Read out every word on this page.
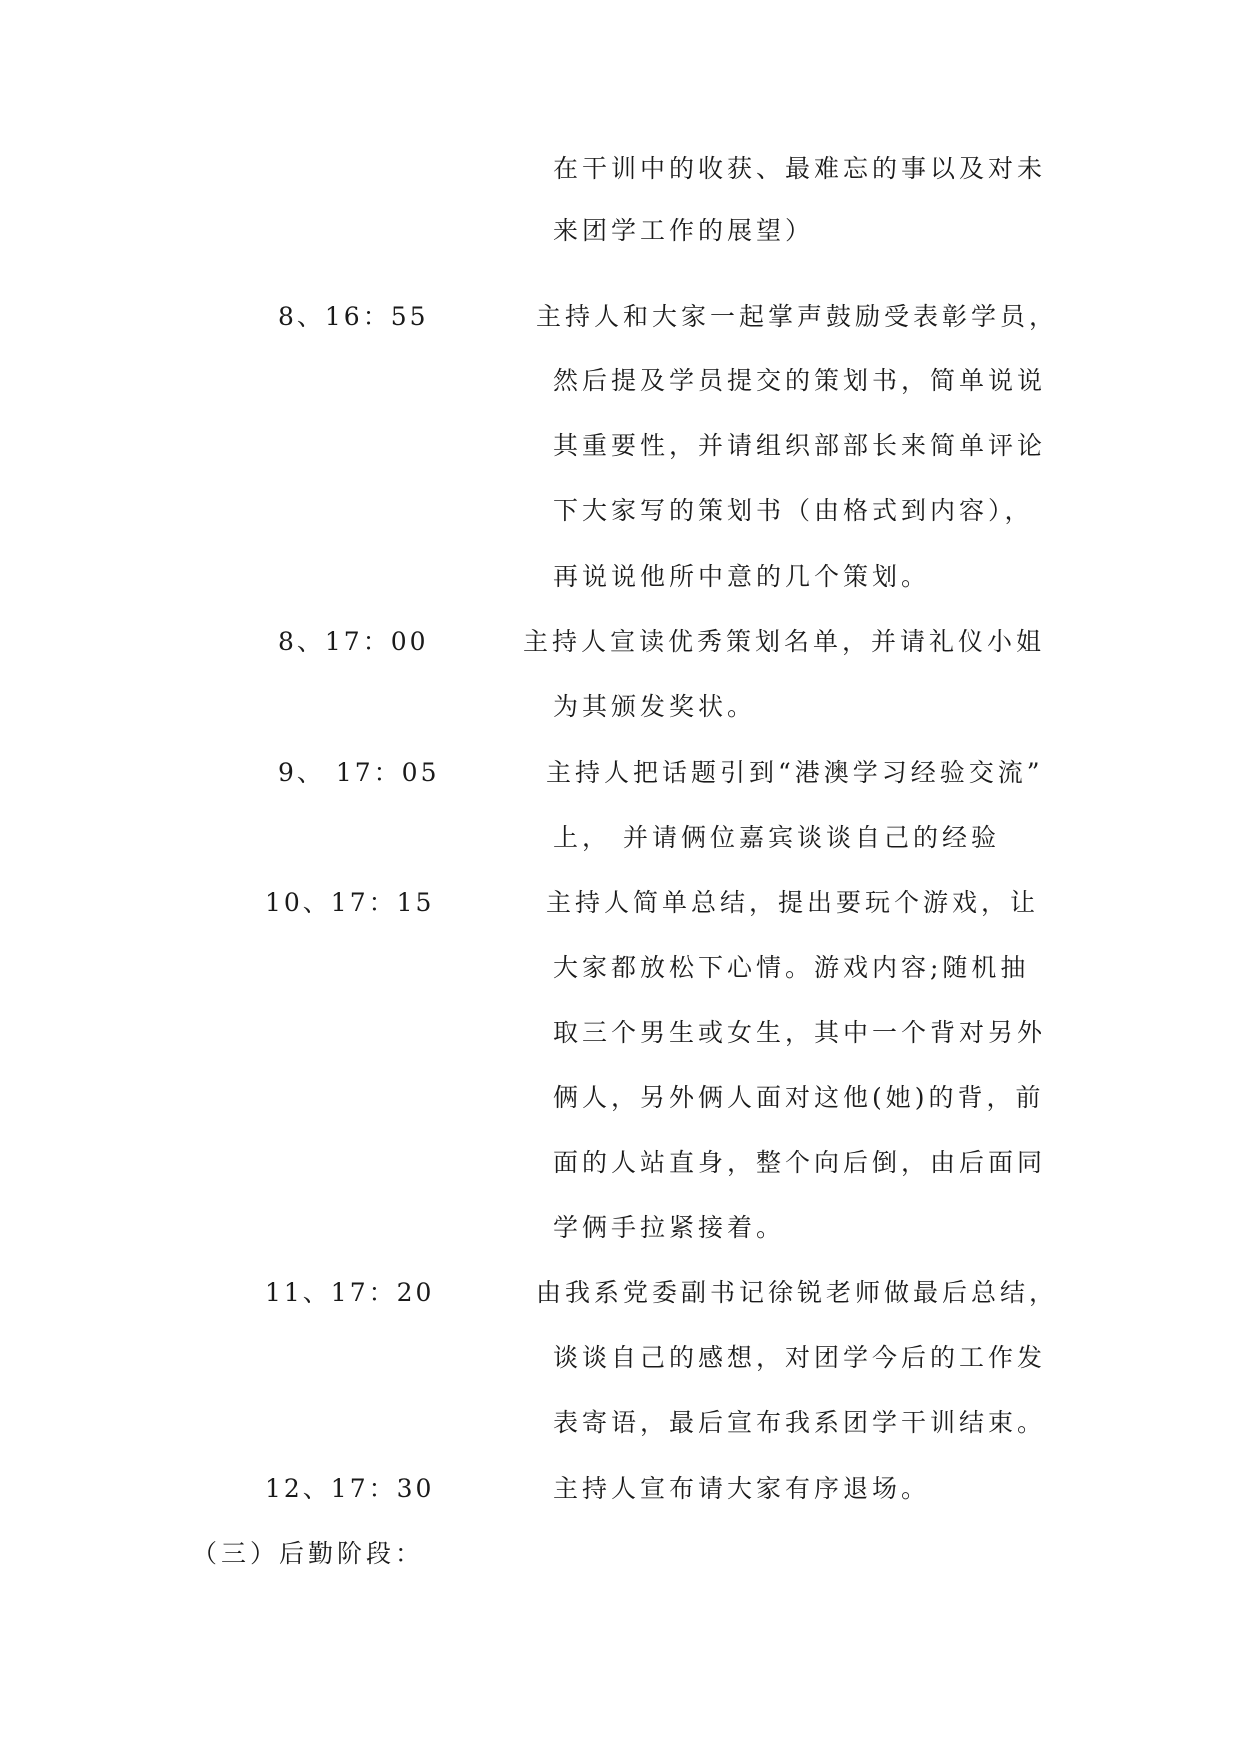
在干训中的收获、最难忘的事以及对未
来团学工作的展望）
8、16：55	主持人和大家一起掌声鼓励受表彰学员，
然后提及学员提交的策划书，简单说说
其重要性，并请组织部部长来简单评论
下大家写的策划书（由格式到内容），
再说说他所中意的几个策划。
8、17：00	主持人宣读优秀策划名单，并请礼仪小姐
为其颁发奖状。
9、 17：05	主持人把话题引到“港澳学习经验交流”
上， 并请俩位嘉宾谈谈自己的经验
10、17：15	主持人简单总结，提出要玩个游戏，让
大家都放松下心情。游戏内容;随机抽
取三个男生或女生，其中一个背对另外
俩人，另外俩人面对这他(她)的背，前
面的人站直身，整个向后倒，由后面同
学俩手拉紧接着。
11、17：20	由我系党委副书记徐锐老师做最后总结，
谈谈自己的感想，对团学今后的工作发
表寄语，最后宣布我系团学干训结束。
12、17：30	主持人宣布请大家有序退场。
（三）后勤阶段：
